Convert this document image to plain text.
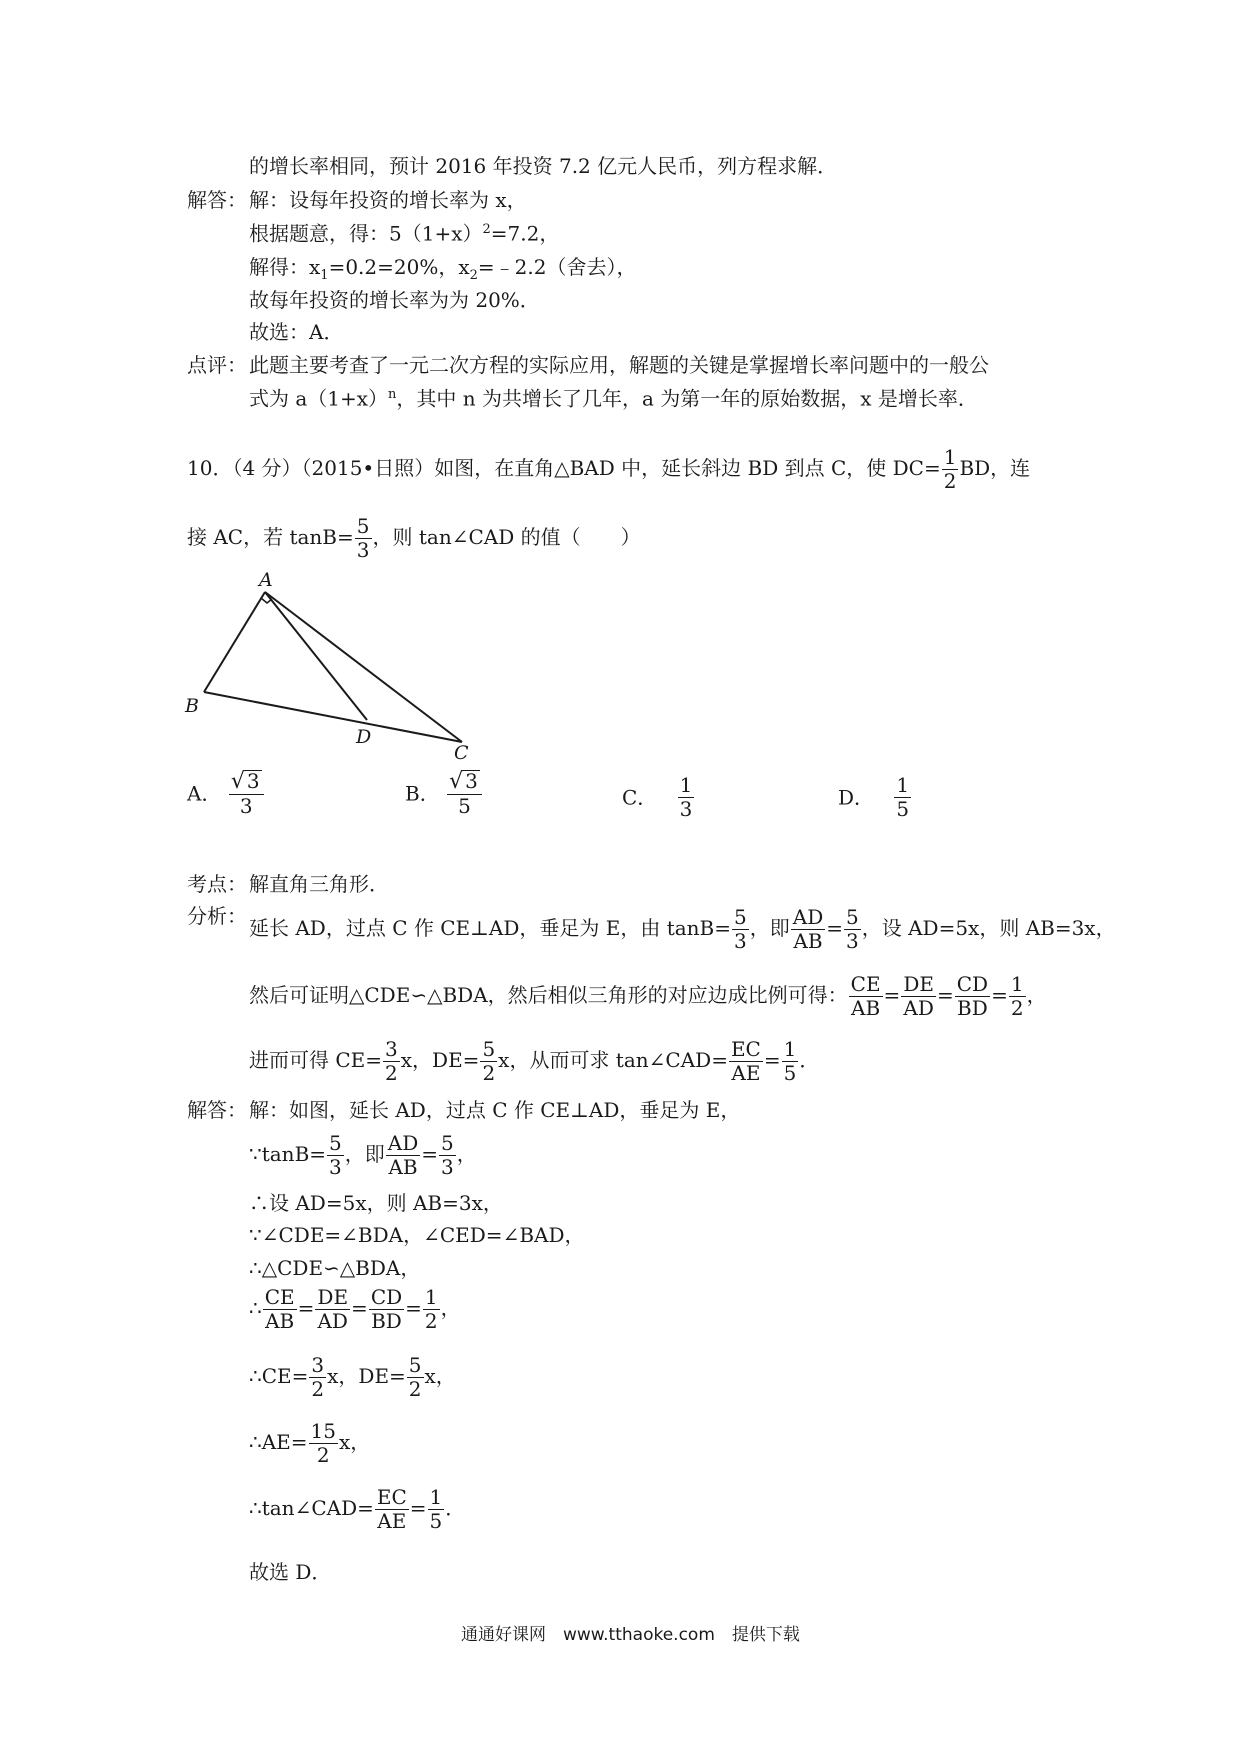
的增长率相同，预计 2016 年投资 7.2 亿元人民币，列方程求解．
解答： 解：设每年投资的增长率为 x，
根据题意，得：$5(1+x)^2=7.2$，
解得：$x_1=0.2=20\%$，$x_2=﹣2.2$（舍去），
故每年投资的增长率为为 20%．
故选：A．
点评： 此题主要考查了一元二次方程的实际应用，解题的关键是掌握增长率问题中的一般公
式为 $a(1+x)^n$，其中 n 为共增长了几年，a 为第一年的原始数据，x 是增长率．
10．（4 分）（2015•日照）如图，在直角△BAD 中，延长斜边 BD 到点 C，使 $DC= \frac{1}{2}$ BD，连
接 AC，若 $\tan B= \frac{5}{3}$ ，则 tan∠CAD 的值（　　）
A
B
D
C
A． $\frac{√ 3}{3}$	B． $\frac{√ 3}{5}$	C． $\frac{1}{3}$	D． $\frac{1}{5}$
考点： 解直角三角形．
分析： 延长 AD，过点 C 作 CE⊥AD，垂足为 E，由 $\tan B= \frac{5}{3}$ ，即 $\frac{AD}{AB} = \frac{5}{3}$ ，设 AD=5x，则 AB=3x，
然后可证明△CDE∽△BDA，然后相似三角形的对应边成比例可得： $\frac{CE}{AB} = \frac{DE}{AD} = \frac{CD}{BD} = \frac{1}{2}$ ，
进而可得 $CE= \frac{3}{2}$ x，$DE= \frac{5}{2}$ x，从而可求 tan∠CAD= $\frac{EC}{AE} = \frac{1}{5}$ ．
解答： 解：如图，延长 AD，过点 C 作 CE⊥AD，垂足为 E，
∵tanB= $\frac{5}{3}$ ，即 $\frac{AD}{AB} = \frac{5}{3}$ ，
∴设 AD=5x，则 AB=3x，
∵∠CDE=∠BDA，∠CED=∠BAD，
∴△CDE∽△BDA，
∴ $\frac{CE}{AB} = \frac{DE}{AD} = \frac{CD}{BD} = \frac{1}{2}$ ，
∴CE= $\frac{3}{2}$ x，$DE= \frac{5}{2}$ x，
∴AE= $\frac{15}{2}$ x，
∴tan∠CAD= $\frac{EC}{AE} = \frac{1}{5}$ ．
故选 D．
通通好课网　www.tthaoke.com　提供下载
